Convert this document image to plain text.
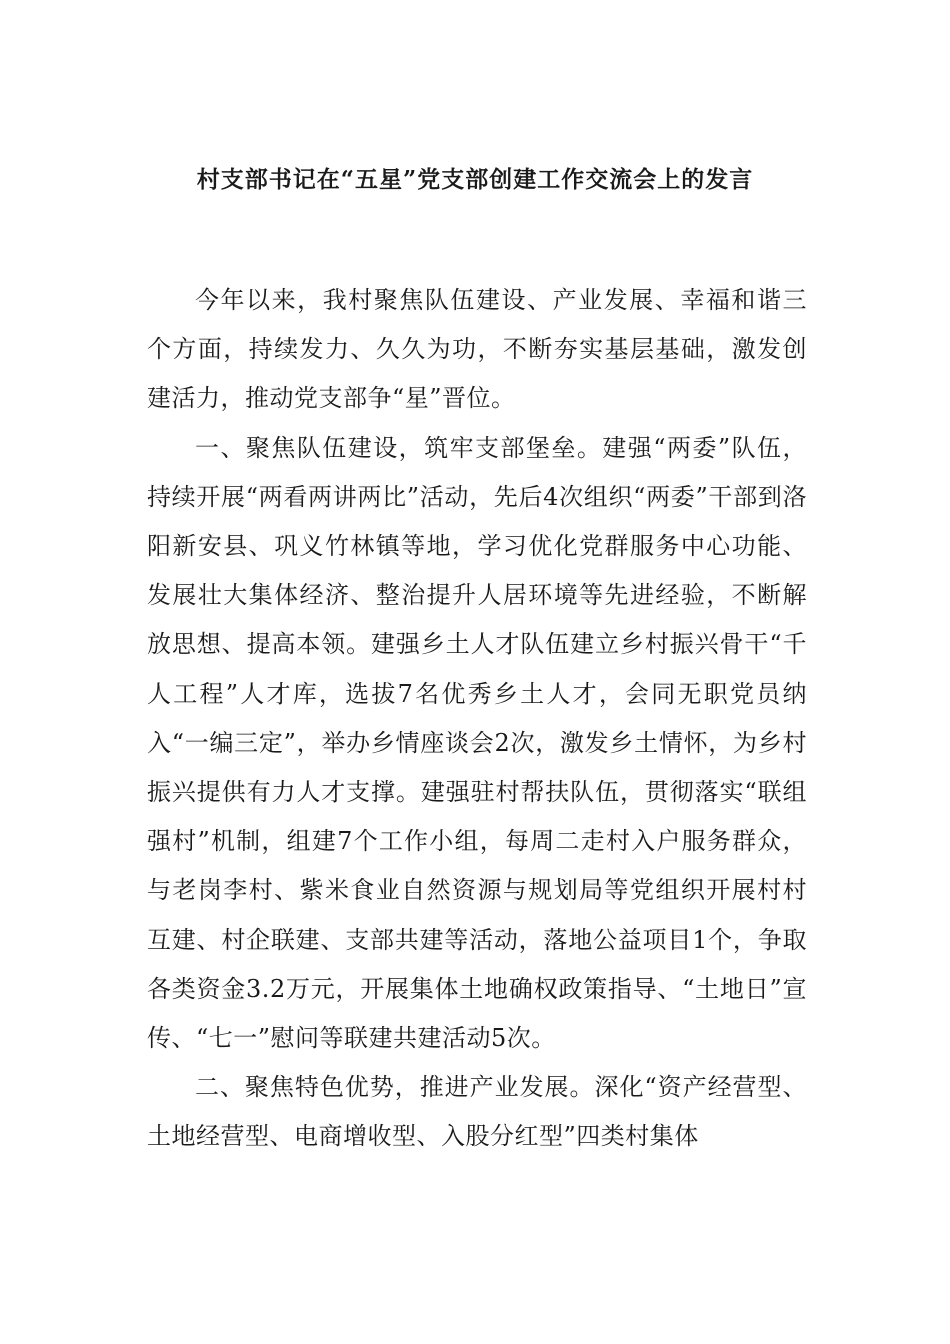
村支部书记在“五星”党支部创建工作交流会上的发言

今年以来，我村聚焦队伍建设、产业发展、幸福和谐三个方面，持续发力、久久为功，不断夯实基层基础，激发创建活力，推动党支部争“星”晋位。

一、聚焦队伍建设，筑牢支部堡垒。建强“两委”队伍，持续开展“两看两讲两比”活动，先后4次组织“两委”干部到洛阳新安县、巩义竹林镇等地，学习优化党群服务中心功能、发展壮大集体经济、整治提升人居环境等先进经验，不断解放思想、提高本领。建强乡土人才队伍建立乡村振兴骨干“千人工程”人才库，选拔7名优秀乡土人才，会同无职党员纳入“一编三定”，举办乡情座谈会2次，激发乡土情怀，为乡村振兴提供有力人才支撑。建强驻村帮扶队伍，贯彻落实“联组强村”机制，组建7个工作小组，每周二走村入户服务群众，与老岗李村、紫米食业自然资源与规划局等党组织开展村村互建、村企联建、支部共建等活动，落地公益项目1个，争取各类资金3.2万元，开展集体土地确权政策指导、“土地日”宣传、“七一”慰问等联建共建活动5次。

二、聚焦特色优势，推进产业发展。深化“资产经营型、土地经营型、电商增收型、入股分红型”四类村集体
